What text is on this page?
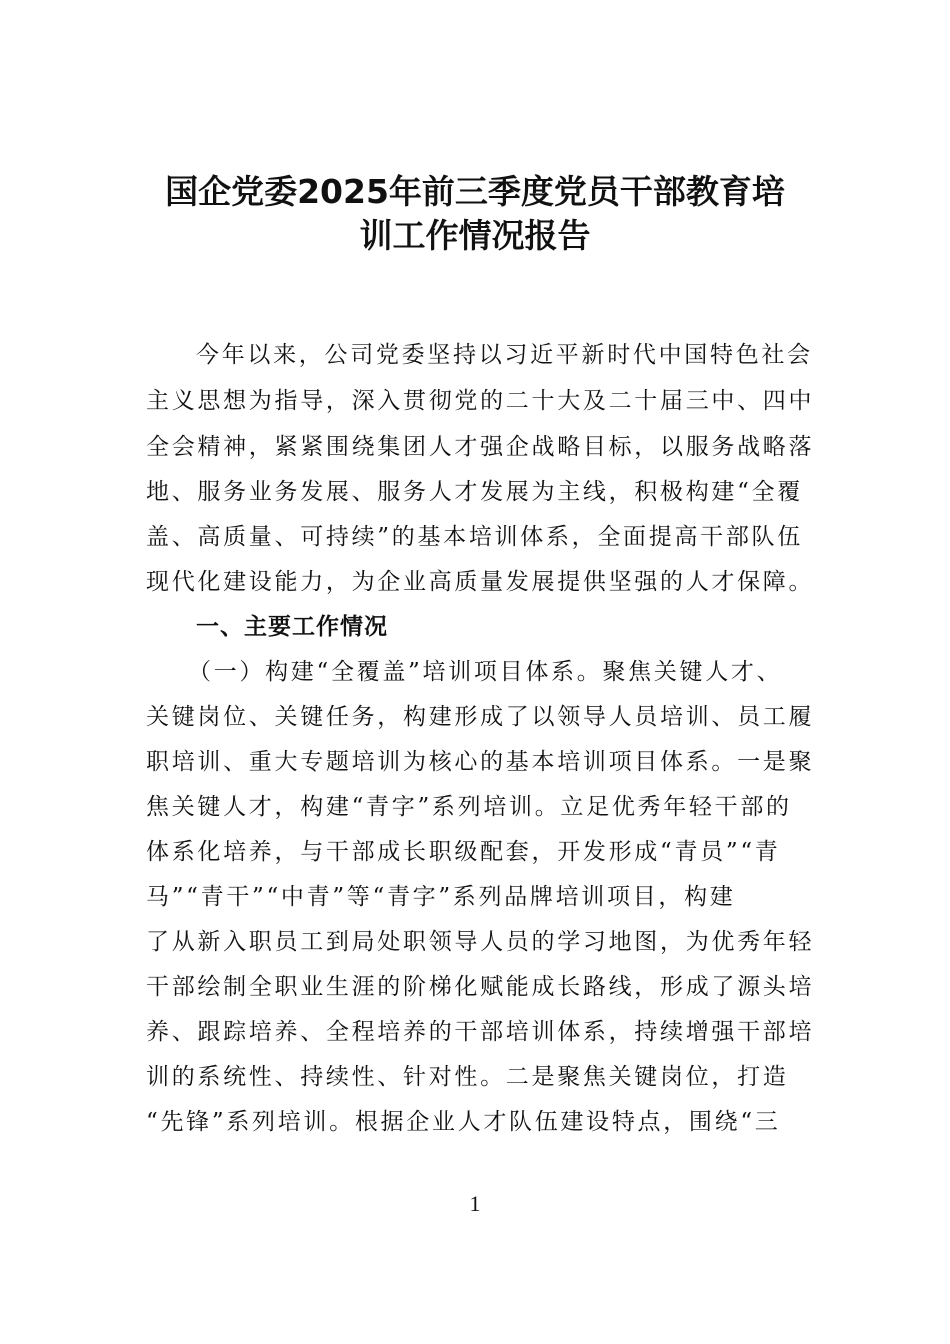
国企党委2025年前三季度党员干部教育培
训工作情况报告
今年以来，公司党委坚持以习近平新时代中国特色社会
主义思想为指导，深入贯彻党的二十大及二十届三中、四中
全会精神，紧紧围绕集团人才强企战略目标，以服务战略落
地、服务业务发展、服务人才发展为主线，积极构建“全覆
盖、高质量、可持续”的基本培训体系，全面提高干部队伍
现代化建设能力，为企业高质量发展提供坚强的人才保障。
一、主要工作情况
（一）构建“全覆盖”培训项目体系。聚焦关键人才、
关键岗位、关键任务，构建形成了以领导人员培训、员工履
职培训、重大专题培训为核心的基本培训项目体系。一是聚
焦关键人才，构建“青字”系列培训。立足优秀年轻干部的
体系化培养，与干部成长职级配套，开发形成“青员”“青
马”“青干”“中青”等“青字”系列品牌培训项目，构建
了从新入职员工到局处职领导人员的学习地图，为优秀年轻
干部绘制全职业生涯的阶梯化赋能成长路线，形成了源头培
养、跟踪培养、全程培养的干部培训体系，持续增强干部培
训的系统性、持续性、针对性。二是聚焦关键岗位，打造
“先锋”系列培训。根据企业人才队伍建设特点，围绕“三
1
